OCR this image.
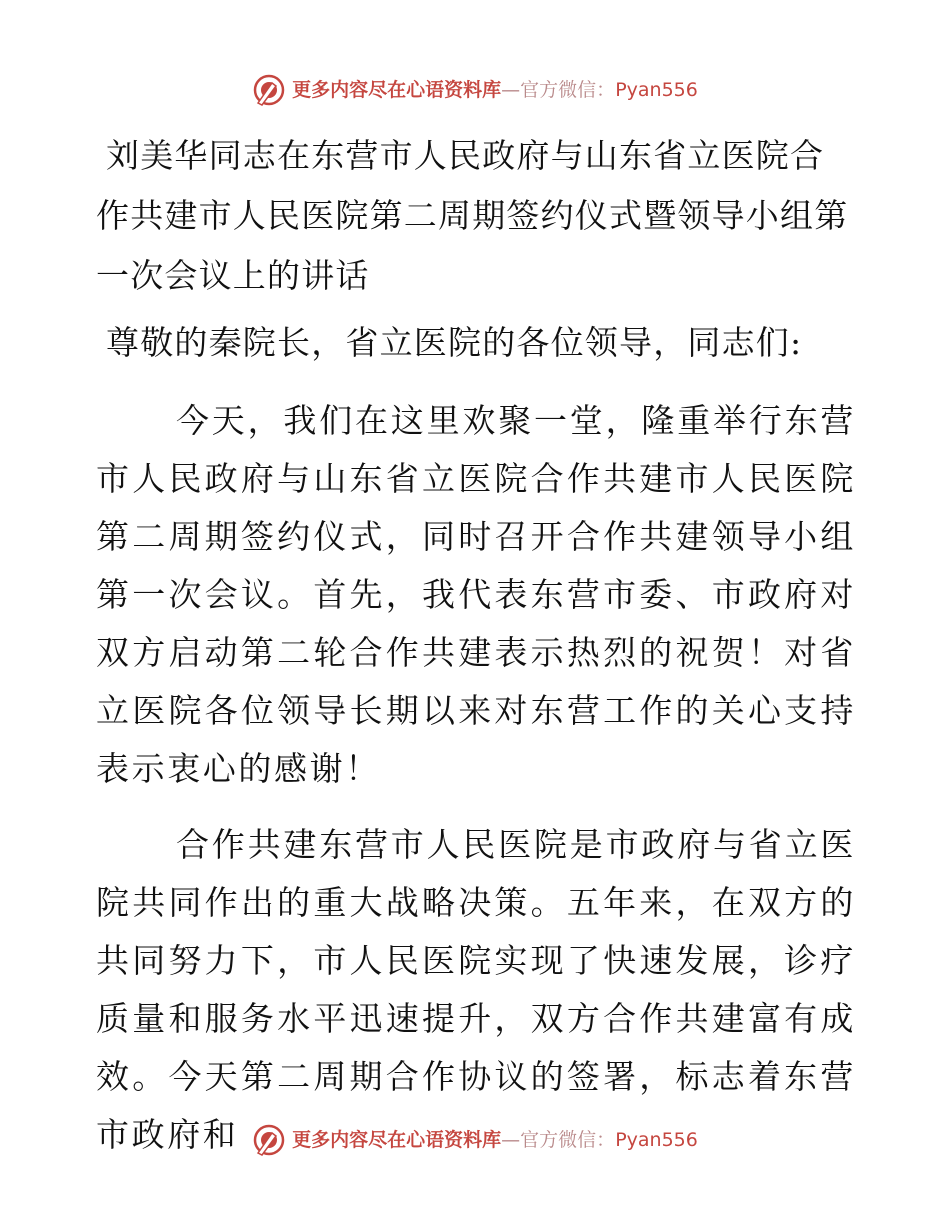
更多内容尽在心语资料库—官方微信：Pyan556
刘美华同志在东营市人民政府与山东省立医院合作共建市人民医院第二周期签约仪式暨领导小组第一次会议上的讲话

尊敬的秦院长，省立医院的各位领导，同志们:

今天，我们在这里欢聚一堂，隆重举行东营市人民政府与山东省立医院合作共建市人民医院第二周期签约仪式，同时召开合作共建领导小组第一次会议。首先，我代表东营市委、市政府对双方启动第二轮合作共建表示热烈的祝贺！对省立医院各位领导长期以来对东营工作的关心支持表示衷心的感谢！

合作共建东营市人民医院是市政府与省立医院共同作出的重大战略决策。五年来，在双方的共同努力下，市人民医院实现了快速发展，诊疗质量和服务水平迅速提升，双方合作共建富有成效。今天第二周期合作协议的签署，标志着东营市政府和	更多内容尽在心语资料库—官方微信：Pyan556
